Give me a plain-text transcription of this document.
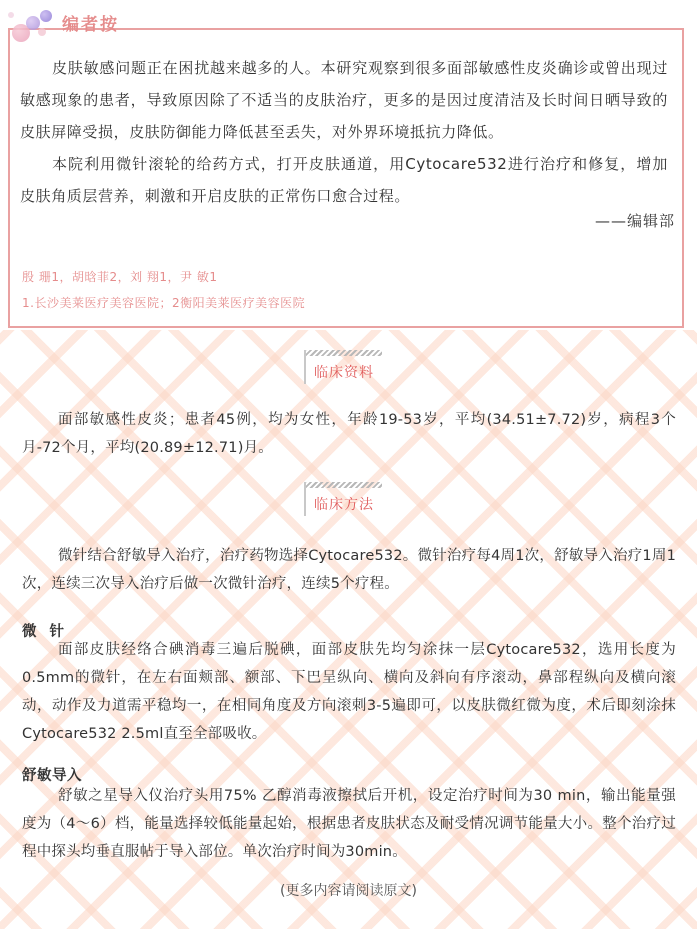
编者按

皮肤敏感问题正在困扰越来越多的人。本研究观察到很多面部敏感性皮炎确诊或曾出现过敏感现象的患者，导致原因除了不适当的皮肤治疗，更多的是因过度清洁及长时间日晒导致的皮肤屏障受损，皮肤防御能力降低甚至丢失，对外界环境抵抗力降低。

本院利用微针滚轮的给药方式，打开皮肤通道，用Cytocare532进行治疗和修复，增加皮肤角质层营养，刺激和开启皮肤的正常伤口愈合过程。

——编辑部
殷 珊1，胡晗菲2，刘 翔1，尹 敏1
1.长沙美莱医疗美容医院；2衡阳美莱医疗美容医院
临床资料

面部敏感性皮炎；患者45例，均为女性，年龄19-53岁，平均(34.51±7.72)岁，病程3个月-72个月，平均(20.89±12.71)月。

临床方法

微针结合舒敏导入治疗，治疗药物选择Cytocare532。微针治疗每4周1次，舒敏导入治疗1周1次，连续三次导入治疗后做一次微针治疗，连续5个疗程。

微 针

面部皮肤经络合碘消毒三遍后脱碘，面部皮肤先均匀涂抹一层Cytocare532，选用长度为0.5mm的微针，在左右面颊部、额部、下巴呈纵向、横向及斜向有序滚动，鼻部程纵向及横向滚动，动作及力道需平稳均一，在相同角度及方向滚刺3-5遍即可，以皮肤微红微为度，术后即刻涂抹Cytocare532 2.5ml直至全部吸收。

舒敏导入

舒敏之星导入仪治疗头用75% 乙醇消毒液擦拭后开机，设定治疗时间为30 min，输出能量强度为（4～6）档，能量选择较低能量起始，根据患者皮肤状态及耐受情况调节能量大小。整个治疗过程中探头均垂直服帖于导入部位。单次治疗时间为30min。

(更多内容请阅读原文)
